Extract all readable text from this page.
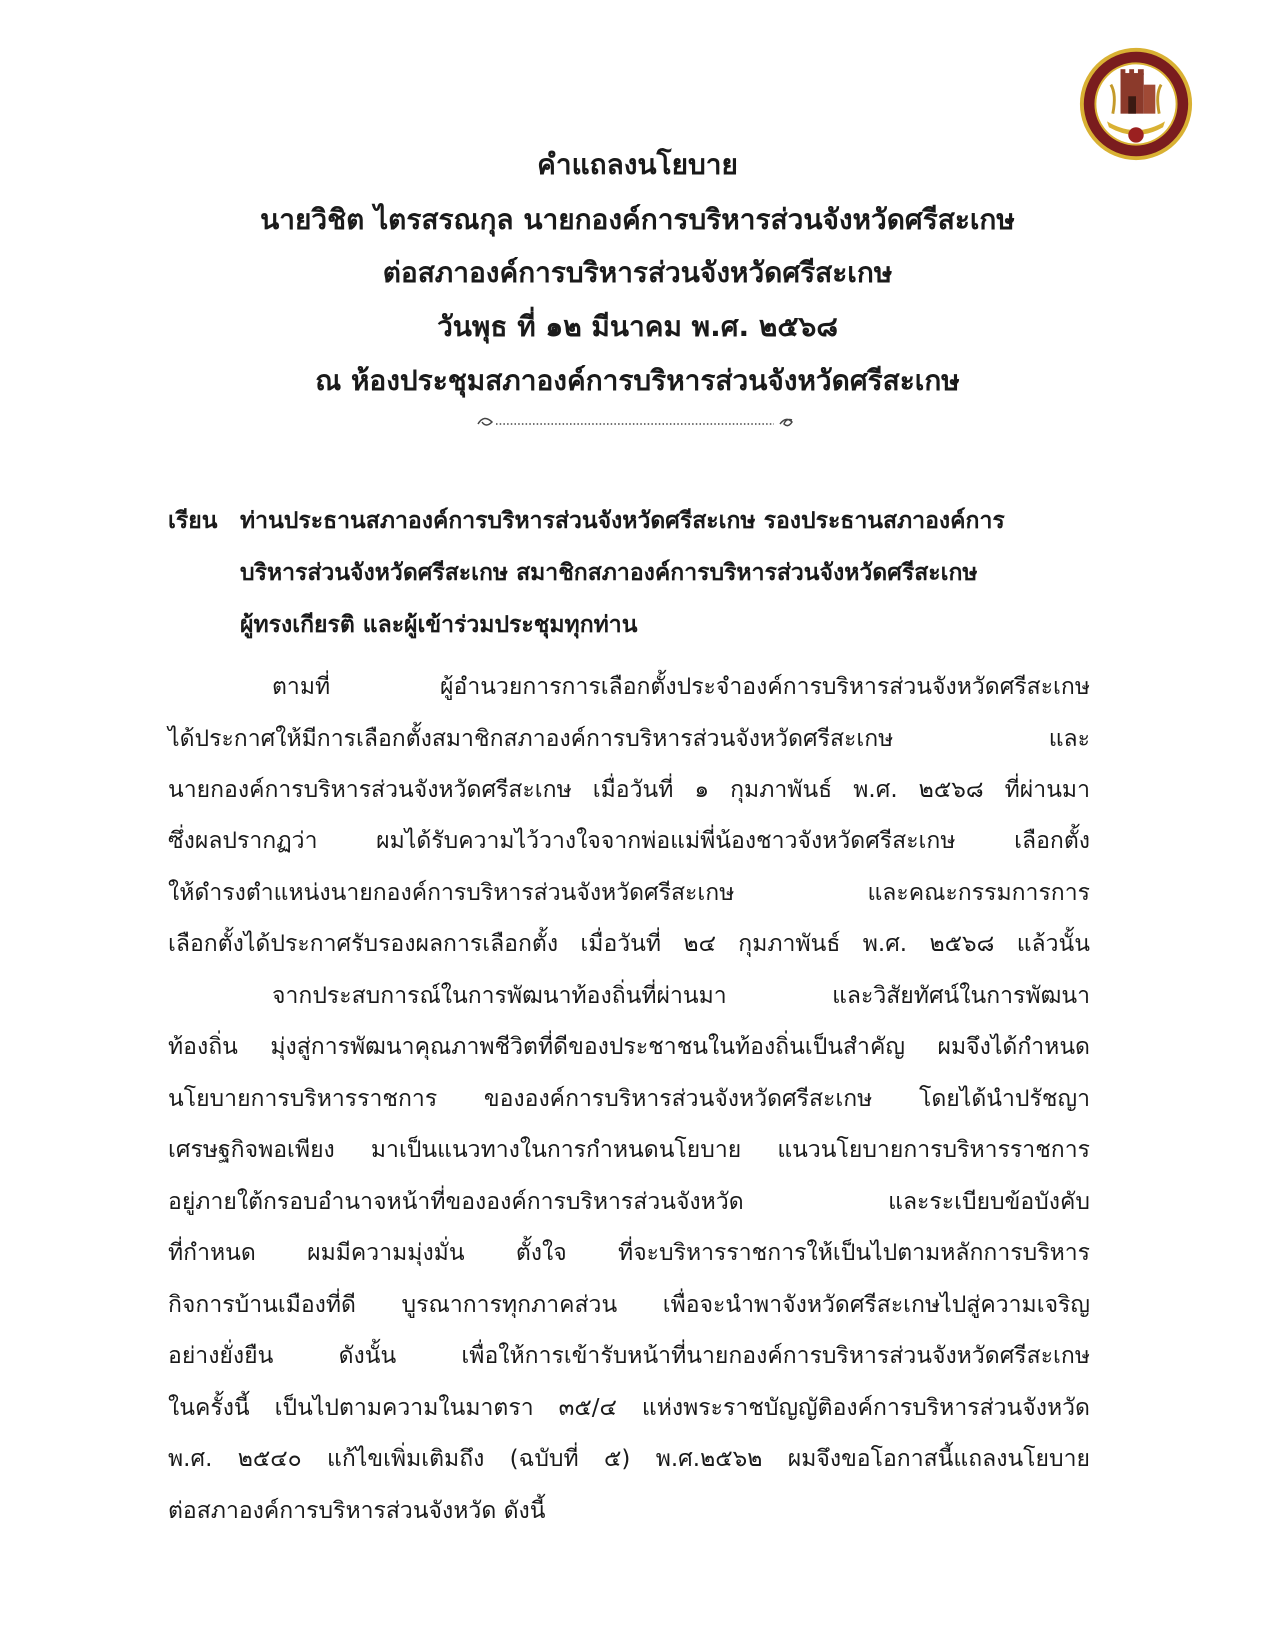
คำแถลงนโยบาย
นายวิชิต ไตรสรณกุล นายกองค์การบริหารส่วนจังหวัดศรีสะเกษ
ต่อสภาองค์การบริหารส่วนจังหวัดศรีสะเกษ
วันพุธ ที่ ๑๒ มีนาคม พ.ศ. ๒๕๖๘
ณ ห้องประชุมสภาองค์การบริหารส่วนจังหวัดศรีสะเกษ
เรียน ท่านประธานสภาองค์การบริหารส่วนจังหวัดศรีสะเกษ รองประธานสภาองค์การ
บริหารส่วนจังหวัดศรีสะเกษ สมาชิกสภาองค์การบริหารส่วนจังหวัดศรีสะเกษ
ผู้ทรงเกียรติ และผู้เข้าร่วมประชุมทุกท่าน
ตามที่ ผู้อำนวยการการเลือกตั้งประจำองค์การบริหารส่วนจังหวัดศรีสะเกษ
ได้ประกาศให้มีการเลือกตั้งสมาชิกสภาองค์การบริหารส่วนจังหวัดศรีสะเกษ และ
นายกองค์การบริหารส่วนจังหวัดศรีสะเกษ เมื่อวันที่ ๑ กุมภาพันธ์ พ.ศ. ๒๕๖๘ ที่ผ่านมา
ซึ่งผลปรากฏว่า ผมได้รับความไว้วางใจจากพ่อแม่พี่น้องชาวจังหวัดศรีสะเกษ เลือกตั้ง
ให้ดำรงตำแหน่งนายกองค์การบริหารส่วนจังหวัดศรีสะเกษ และคณะกรรมการการ
เลือกตั้งได้ประกาศรับรองผลการเลือกตั้ง เมื่อวันที่ ๒๔ กุมภาพันธ์ พ.ศ. ๒๕๖๘ แล้วนั้น
จากประสบการณ์ในการพัฒนาท้องถิ่นที่ผ่านมา และวิสัยทัศน์ในการพัฒนา
ท้องถิ่น มุ่งสู่การพัฒนาคุณภาพชีวิตที่ดีของประชาชนในท้องถิ่นเป็นสำคัญ ผมจึงได้กำหนด
นโยบายการบริหารราชการ ขององค์การบริหารส่วนจังหวัดศรีสะเกษ โดยได้นำปรัชญา
เศรษฐกิจพอเพียง มาเป็นแนวทางในการกำหนดนโยบาย แนวนโยบายการบริหารราชการ
อยู่ภายใต้กรอบอำนาจหน้าที่ขององค์การบริหารส่วนจังหวัด และระเบียบข้อบังคับ
ที่กำหนด ผมมีความมุ่งมั่น ตั้งใจ ที่จะบริหารราชการให้เป็นไปตามหลักการบริหาร
กิจการบ้านเมืองที่ดี บูรณาการทุกภาคส่วน เพื่อจะนำพาจังหวัดศรีสะเกษไปสู่ความเจริญ
อย่างยั่งยืน ดังนั้น เพื่อให้การเข้ารับหน้าที่นายกองค์การบริหารส่วนจังหวัดศรีสะเกษ
ในครั้งนี้ เป็นไปตามความในมาตรา ๓๕/๔ แห่งพระราชบัญญัติองค์การบริหารส่วนจังหวัด
พ.ศ. ๒๕๔๐ แก้ไขเพิ่มเติมถึง (ฉบับที่ ๕) พ.ศ.๒๕๖๒ ผมจึงขอโอกาสนี้แถลงนโยบาย
ต่อสภาองค์การบริหารส่วนจังหวัด ดังนี้
